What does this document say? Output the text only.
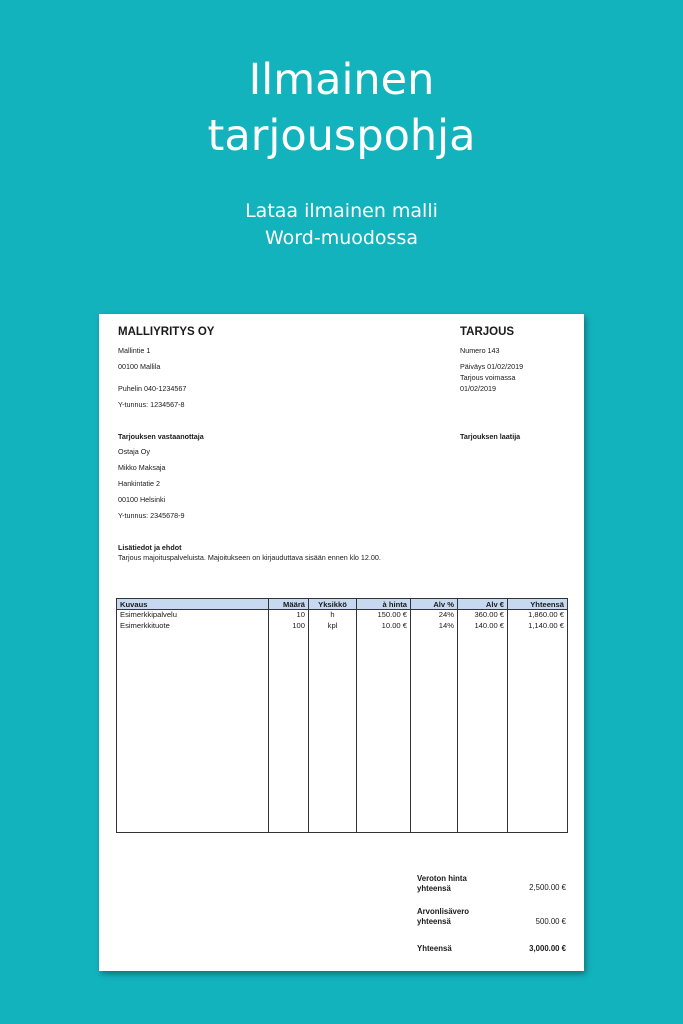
Ilmainen
tarjouspohja
Lataa ilmainen malli
Word-muodossa
MALLIYRITYS OY
Mallintie 1
00100 Mallila
Puhelin 040-1234567
Y-tunnus: 1234567-8
TARJOUS
Numero 143
Päiväys 01/02/2019
Tarjous voimassa
01/02/2019
Tarjouksen vastaanottaja
Ostaja Oy
Mikko Maksaja
Hankintatie 2
00100 Helsinki
Y-tunnus: 2345678-9
Tarjouksen laatija
Lisätiedot ja ehdot
Tarjous majoituspalveluista. Majoitukseen on kirjauduttava sisään ennen klo 12.00.
Kuvaus	Määrä	Yksikkö	à hinta	Alv %	Alv €	Yhteensä
Esimerkkipalvelu	10	h	150.00 €	24%	360.00 €	1,860.00 €
Esimerkkituote	100	kpl	10.00 €	14%	140.00 €	1,140.00 €

Veroton hinta yhteensä	2,500.00 €
Arvonlisävero yhteensä	500.00 €
Yhteensä	3,000.00 €
